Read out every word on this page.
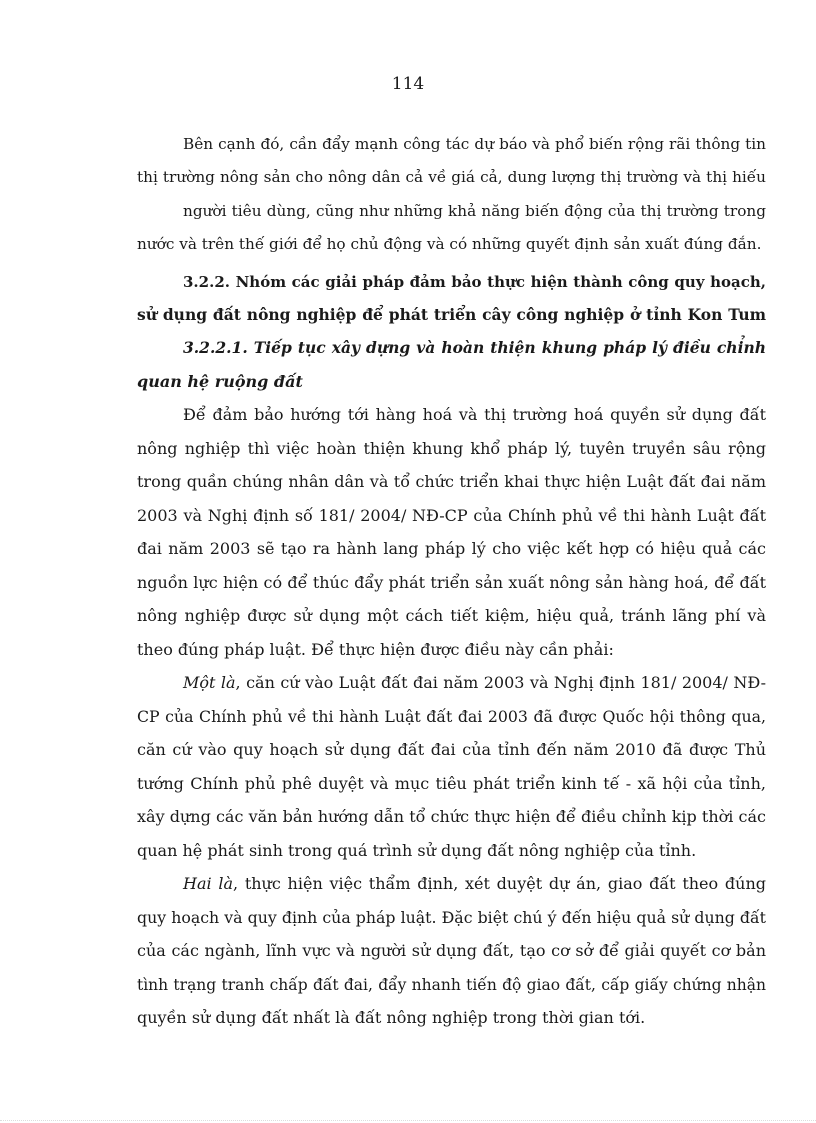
114
Bên cạnh đó, cần đẩy mạnh công tác dự báo và phổ biến rộng rãi thông tin
thị trường nông sản cho nông dân cả về giá cả, dung lượng thị trường và thị hiếu
người tiêu dùng, cũng như những khả năng biến động của thị trường trong
nước và trên thế giới để họ chủ động và có những quyết định sản xuất đúng đắn.
3.2.2. Nhóm các giải pháp đảm bảo thực hiện thành công quy hoạch,
sử dụng đất nông nghiệp để phát triển cây công nghiệp ở tỉnh Kon Tum
3.2.2.1. Tiếp tục xây dựng và hoàn thiện khung pháp lý điều chỉnh
quan hệ ruộng đất
Để đảm bảo hướng tới hàng hoá và thị trường hoá quyền sử dụng đất
nông nghiệp thì việc hoàn thiện khung khổ pháp lý, tuyên truyền sâu rộng
trong quần chúng nhân dân và tổ chức triển khai thực hiện Luật đất đai năm
2003 và Nghị định số 181/ 2004/ NĐ-CP của Chính phủ về thi hành Luật đất
đai năm 2003 sẽ tạo ra hành lang pháp lý cho việc kết hợp có hiệu quả các
nguồn lực hiện có để thúc đẩy phát triển sản xuất nông sản hàng hoá, để đất
nông nghiệp được sử dụng một cách tiết kiệm, hiệu quả, tránh lãng phí và
theo đúng pháp luật. Để thực hiện được điều này cần phải:
Một là, căn cứ vào Luật đất đai năm 2003 và Nghị định 181/ 2004/ NĐ-
CP của Chính phủ về thi hành Luật đất đai 2003 đã được Quốc hội thông qua,
căn cứ vào quy hoạch sử dụng đất đai của tỉnh đến năm 2010 đã được Thủ
tướng Chính phủ phê duyệt và mục tiêu phát triển kinh tế - xã hội của tỉnh,
xây dựng các văn bản hướng dẫn tổ chức thực hiện để điều chỉnh kịp thời các
quan hệ phát sinh trong quá trình sử dụng đất nông nghiệp của tỉnh.
Hai là, thực hiện việc thẩm định, xét duyệt dự án, giao đất theo đúng
quy hoạch và quy định của pháp luật. Đặc biệt chú ý đến hiệu quả sử dụng đất
của các ngành, lĩnh vực và người sử dụng đất, tạo cơ sở để giải quyết cơ bản
tình trạng tranh chấp đất đai, đẩy nhanh tiến độ giao đất, cấp giấy chứng nhận
quyền sử dụng đất nhất là đất nông nghiệp trong thời gian tới.
